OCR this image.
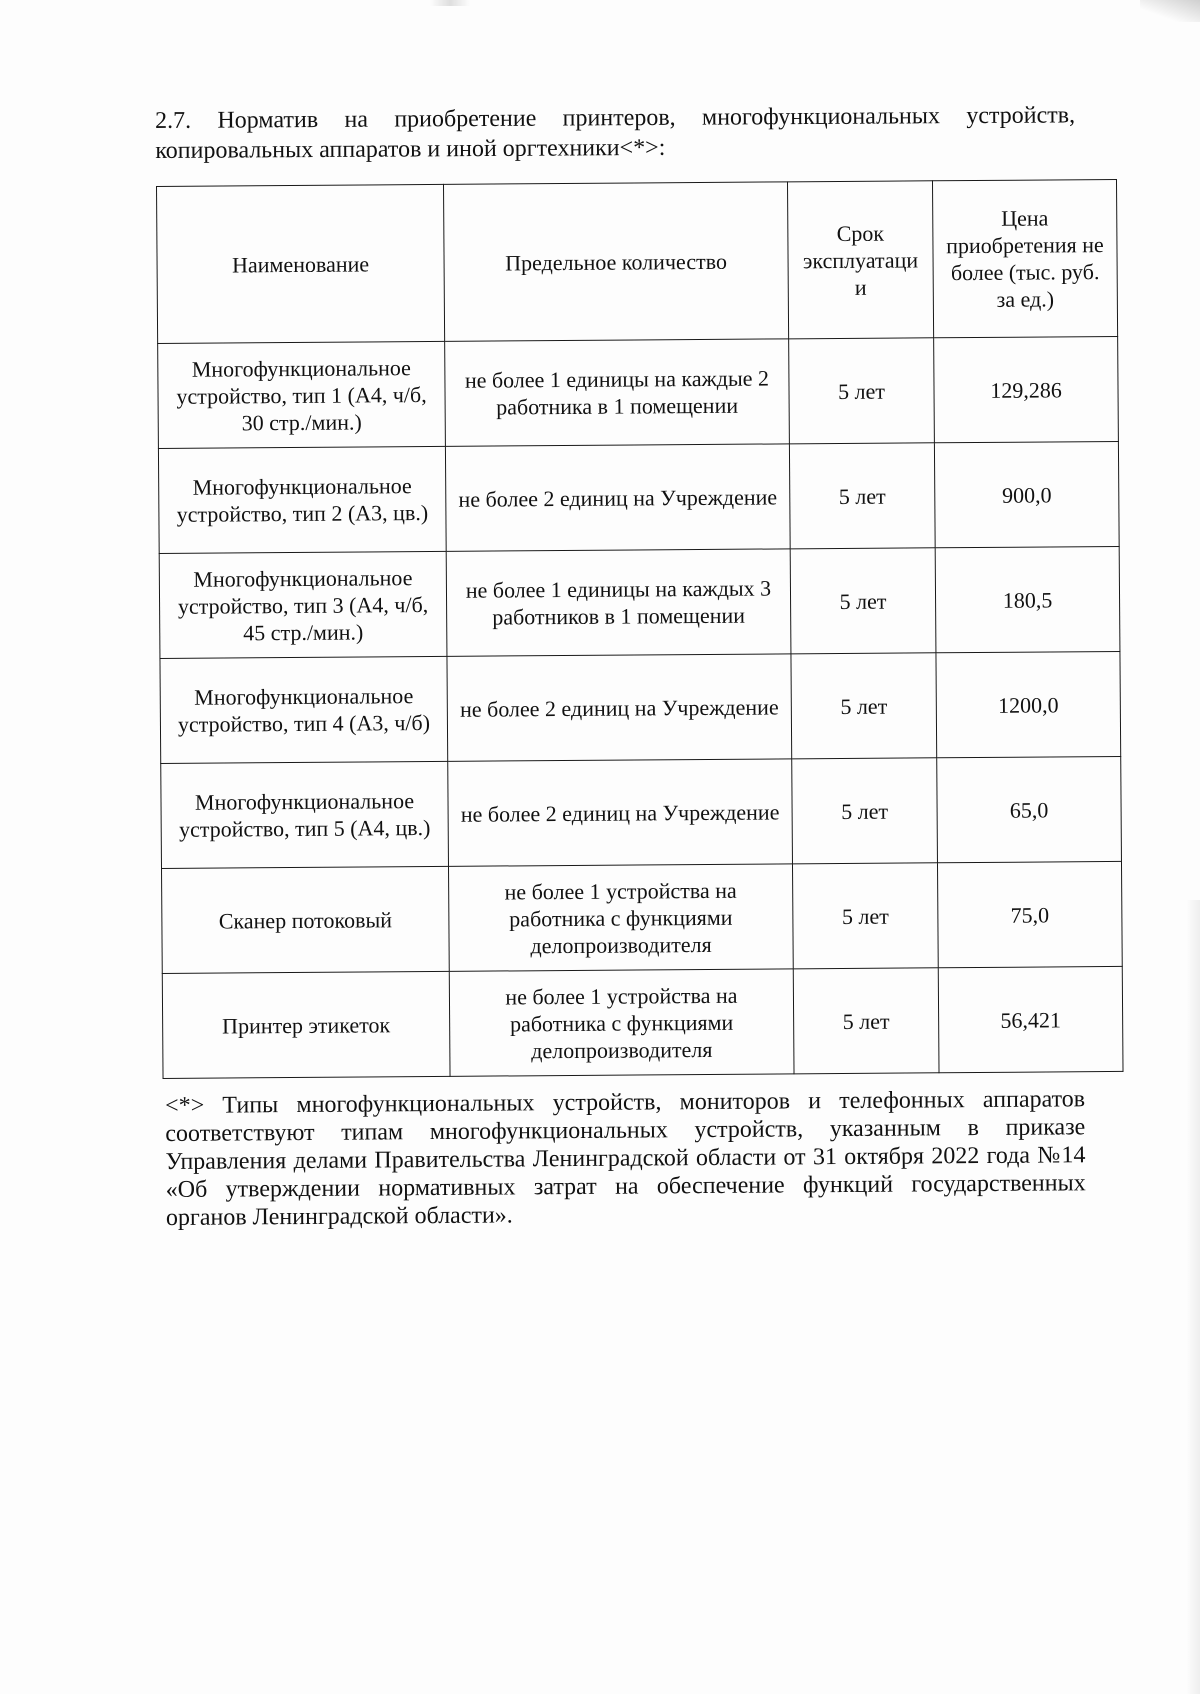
2.7. Норматив на приобретение принтеров, многофункциональных устройств, копировальных аппаратов и иной оргтехники<*>:

Наименование	Предельное количество	Срок эксплуатаци и	Цена приобретения не более (тыс. руб. за ед.)
Многофункциональное устройство, тип 1 (А4, ч/б, 30 стр./мин.)	не более 1 единицы на каждые 2 работника в 1 помещении	5 лет	129,286
Многофункциональное устройство, тип 2 (А3, цв.)	не более 2 единиц на Учреждение	5 лет	900,0
Многофункциональное устройство, тип 3 (А4, ч/б, 45 стр./мин.)	не более 1 единицы на каждых 3 работников в 1 помещении	5 лет	180,5
Многофункциональное устройство, тип 4 (А3, ч/б)	не более 2 единиц на Учреждение	5 лет	1200,0
Многофункциональное устройство, тип 5 (А4, цв.)	не более 2 единиц на Учреждение	5 лет	65,0
Сканер потоковый	не более 1 устройства на работника с функциями делопроизводителя	5 лет	75,0
Принтер этикеток	не более 1 устройства на работника с функциями делопроизводителя	5 лет	56,421

<*> Типы многофункциональных устройств, мониторов и телефонных аппаратов соответствуют типам многофункциональных устройств, указанным в приказе Управления делами Правительства Ленинградской области от 31 октября 2022 года №14 «Об утверждении нормативных затрат на обеспечение функций государственных органов Ленинградской области».
